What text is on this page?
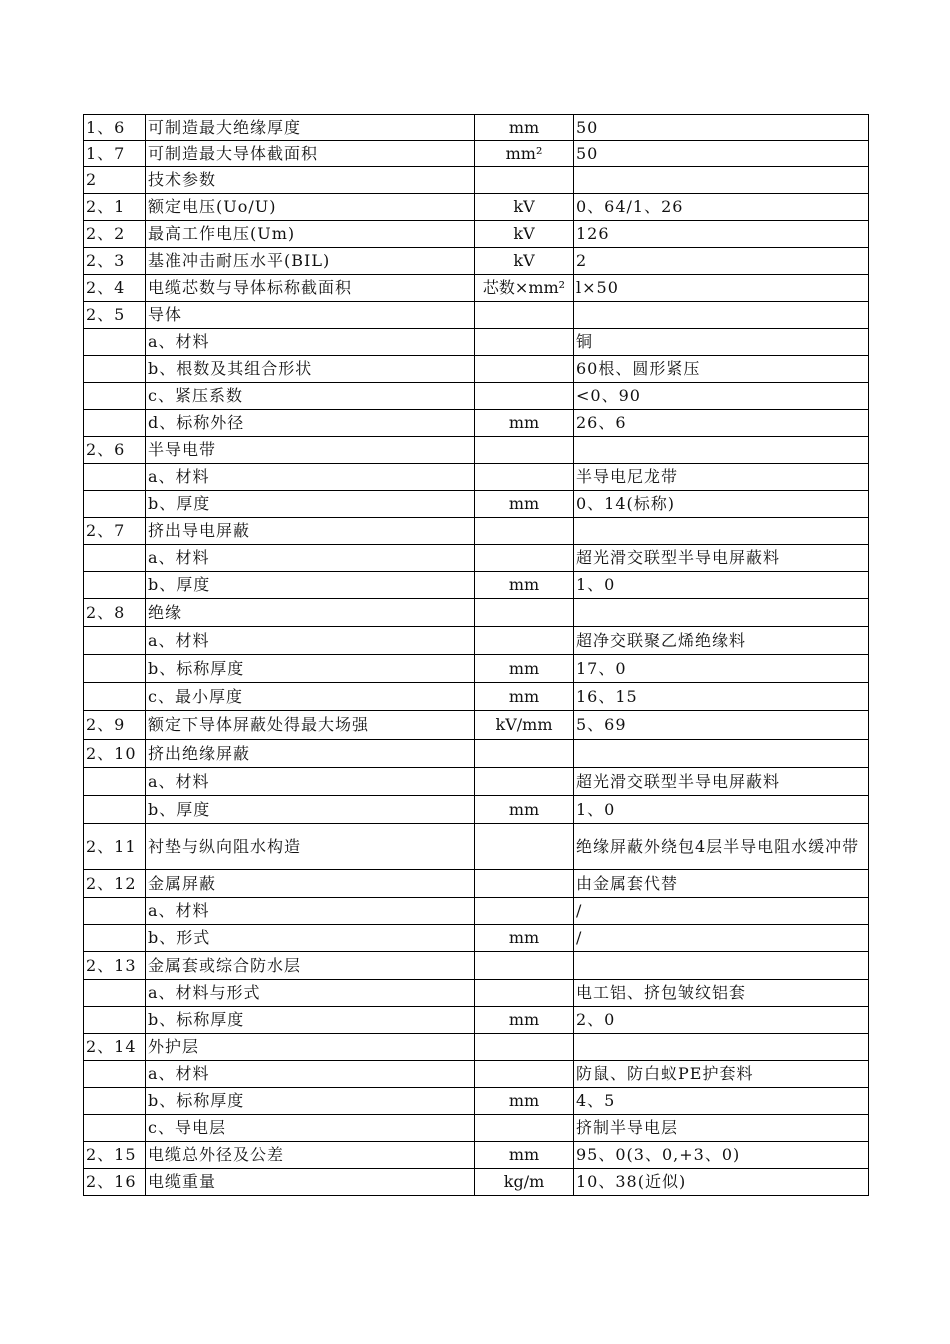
1、6	可制造最大绝缘厚度	mm	50
1、7	可制造最大导体截面积	mm²	50
2	技术参数		
2、1	额定电压(Uo/U)	kV	0、64/1、26
2、2	最高工作电压(Um)	kV	126
2、3	基准冲击耐压水平(BIL)	kV	2
2、4	电缆芯数与导体标称截面积	芯数×mm²	l×50
2、5	导体		
	a、材料		铜
	b、根数及其组合形状		60根、圆形紧压
	c、紧压系数		<0、90
	d、标称外径	mm	26、6
2、6	半导电带		
	a、材料		半导电尼龙带
	b、厚度	mm	0、14(标称)
2、7	挤出导电屏蔽		
	a、材料		超光滑交联型半导电屏蔽料
	b、厚度	mm	1、0
2、8	绝缘		
	a、材料		超净交联聚乙烯绝缘料
	b、标称厚度	mm	17、0
	c、最小厚度	mm	16、15
2、9	额定下导体屏蔽处得最大场强	kV/mm	5、69
2、10	挤出绝缘屏蔽		
	a、材料		超光滑交联型半导电屏蔽料
	b、厚度	mm	1、0
2、11	衬垫与纵向阻水构造		绝缘屏蔽外绕包4层半导电阻水缓冲带
2、12	金属屏蔽		由金属套代替
	a、材料		/
	b、形式	mm	/
2、13	金属套或综合防水层		
	a、材料与形式		电工铝、挤包皱纹铝套
	b、标称厚度	mm	2、0
2、14	外护层		
	a、材料		防鼠、防白蚁PE护套料
	b、标称厚度	mm	4、5
	c、导电层		挤制半导电层
2、15	电缆总外径及公差	mm	95、0(3、0,+3、0)
2、16	电缆重量	kg/m	10、38(近似)
